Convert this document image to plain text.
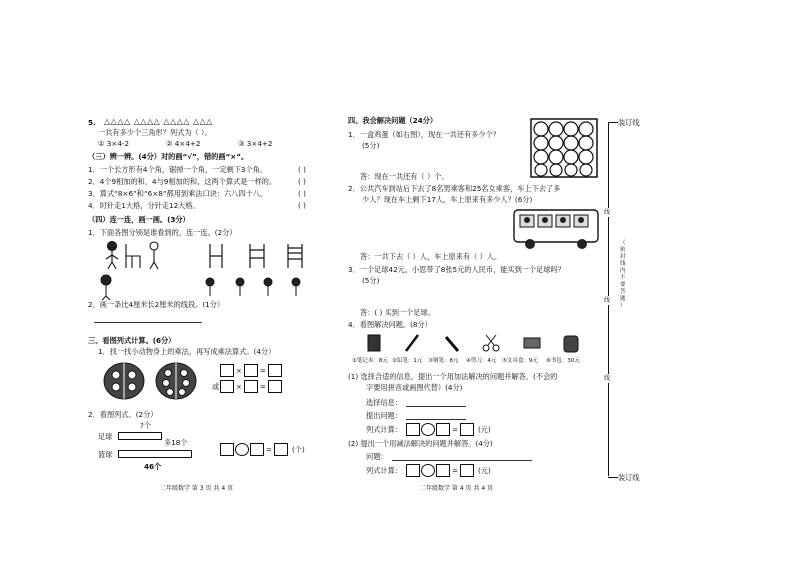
5. △△△△ △△△△ △△△△ △△△
一共有多少个三角形？列式为（ ）。
① 3×4-2	② 4×4+2	③ 3×4+2
（三）辨一辨。(4分）对的画“√”，错的画“×”。
1．一个长方形有4个角，锯掉一个角，一定剩下3个角。	( )
2．4个9相加的和，4与9相加的和，这两个算式是一样的。	( )
3．算式“8×6”和“6×8”都用到乘法口诀：六八四十八。	( )
4．时针走1大格，分针走12大格。	( )
（四）连一连，画一画。(3分）
1．下面各图分别是谁看到的，连一连。(2分）
2．画一条比4厘米长2厘米的线段。(1分）
三、看图列式计算。(6分）
1．找一找小动物身上的乘法，再写成乘法算式。(4分）
×	=
或 ×	=
2．看图列式。(2分）
?个
足球
多18个
篮球
46个
=	(个)
二年级数学 第 3 页 共 4 页
四、我会解决问题（24分）
1．一盒鸡蛋（如右图），现在一共还有多少个？
(5分)
答：现在一共还有（ ）个。
2．公共汽车到站后下去了8名男乘客和25名女乘客，车上下去了多
少人？现在车上剩下17人，车上原来有多少人？(6分)
答：一共下去（ ）人，车上原来有（ ）人。
3．一个足球42元，小思带了8张5元的人民币，能买到一个足球吗？
(5分)
答：( ) 买到一个足球。
4．看图解决问题。(8分）
①笔记本：8元 ②铅笔：1元 ③钢笔：8元 ④剪刀：4元 ⑤文具盒：9元 ⑥书包：30元
(1) 选择合适的信息，提出一个用加法解决的问题并解答。(不会的
字要用拼音或画图代替）(4分)
选择信息：
提出问题：
列式计算：	=	(元)
(2) 提出一个用减法解决的问题并解答。(4分)
问题：
列式计算：	=	(元)
二年级数学 第 4 页 共 4 页
装订线
装订线
（ 密 封 线 内 不 要 答 题 ）
线
线
线
